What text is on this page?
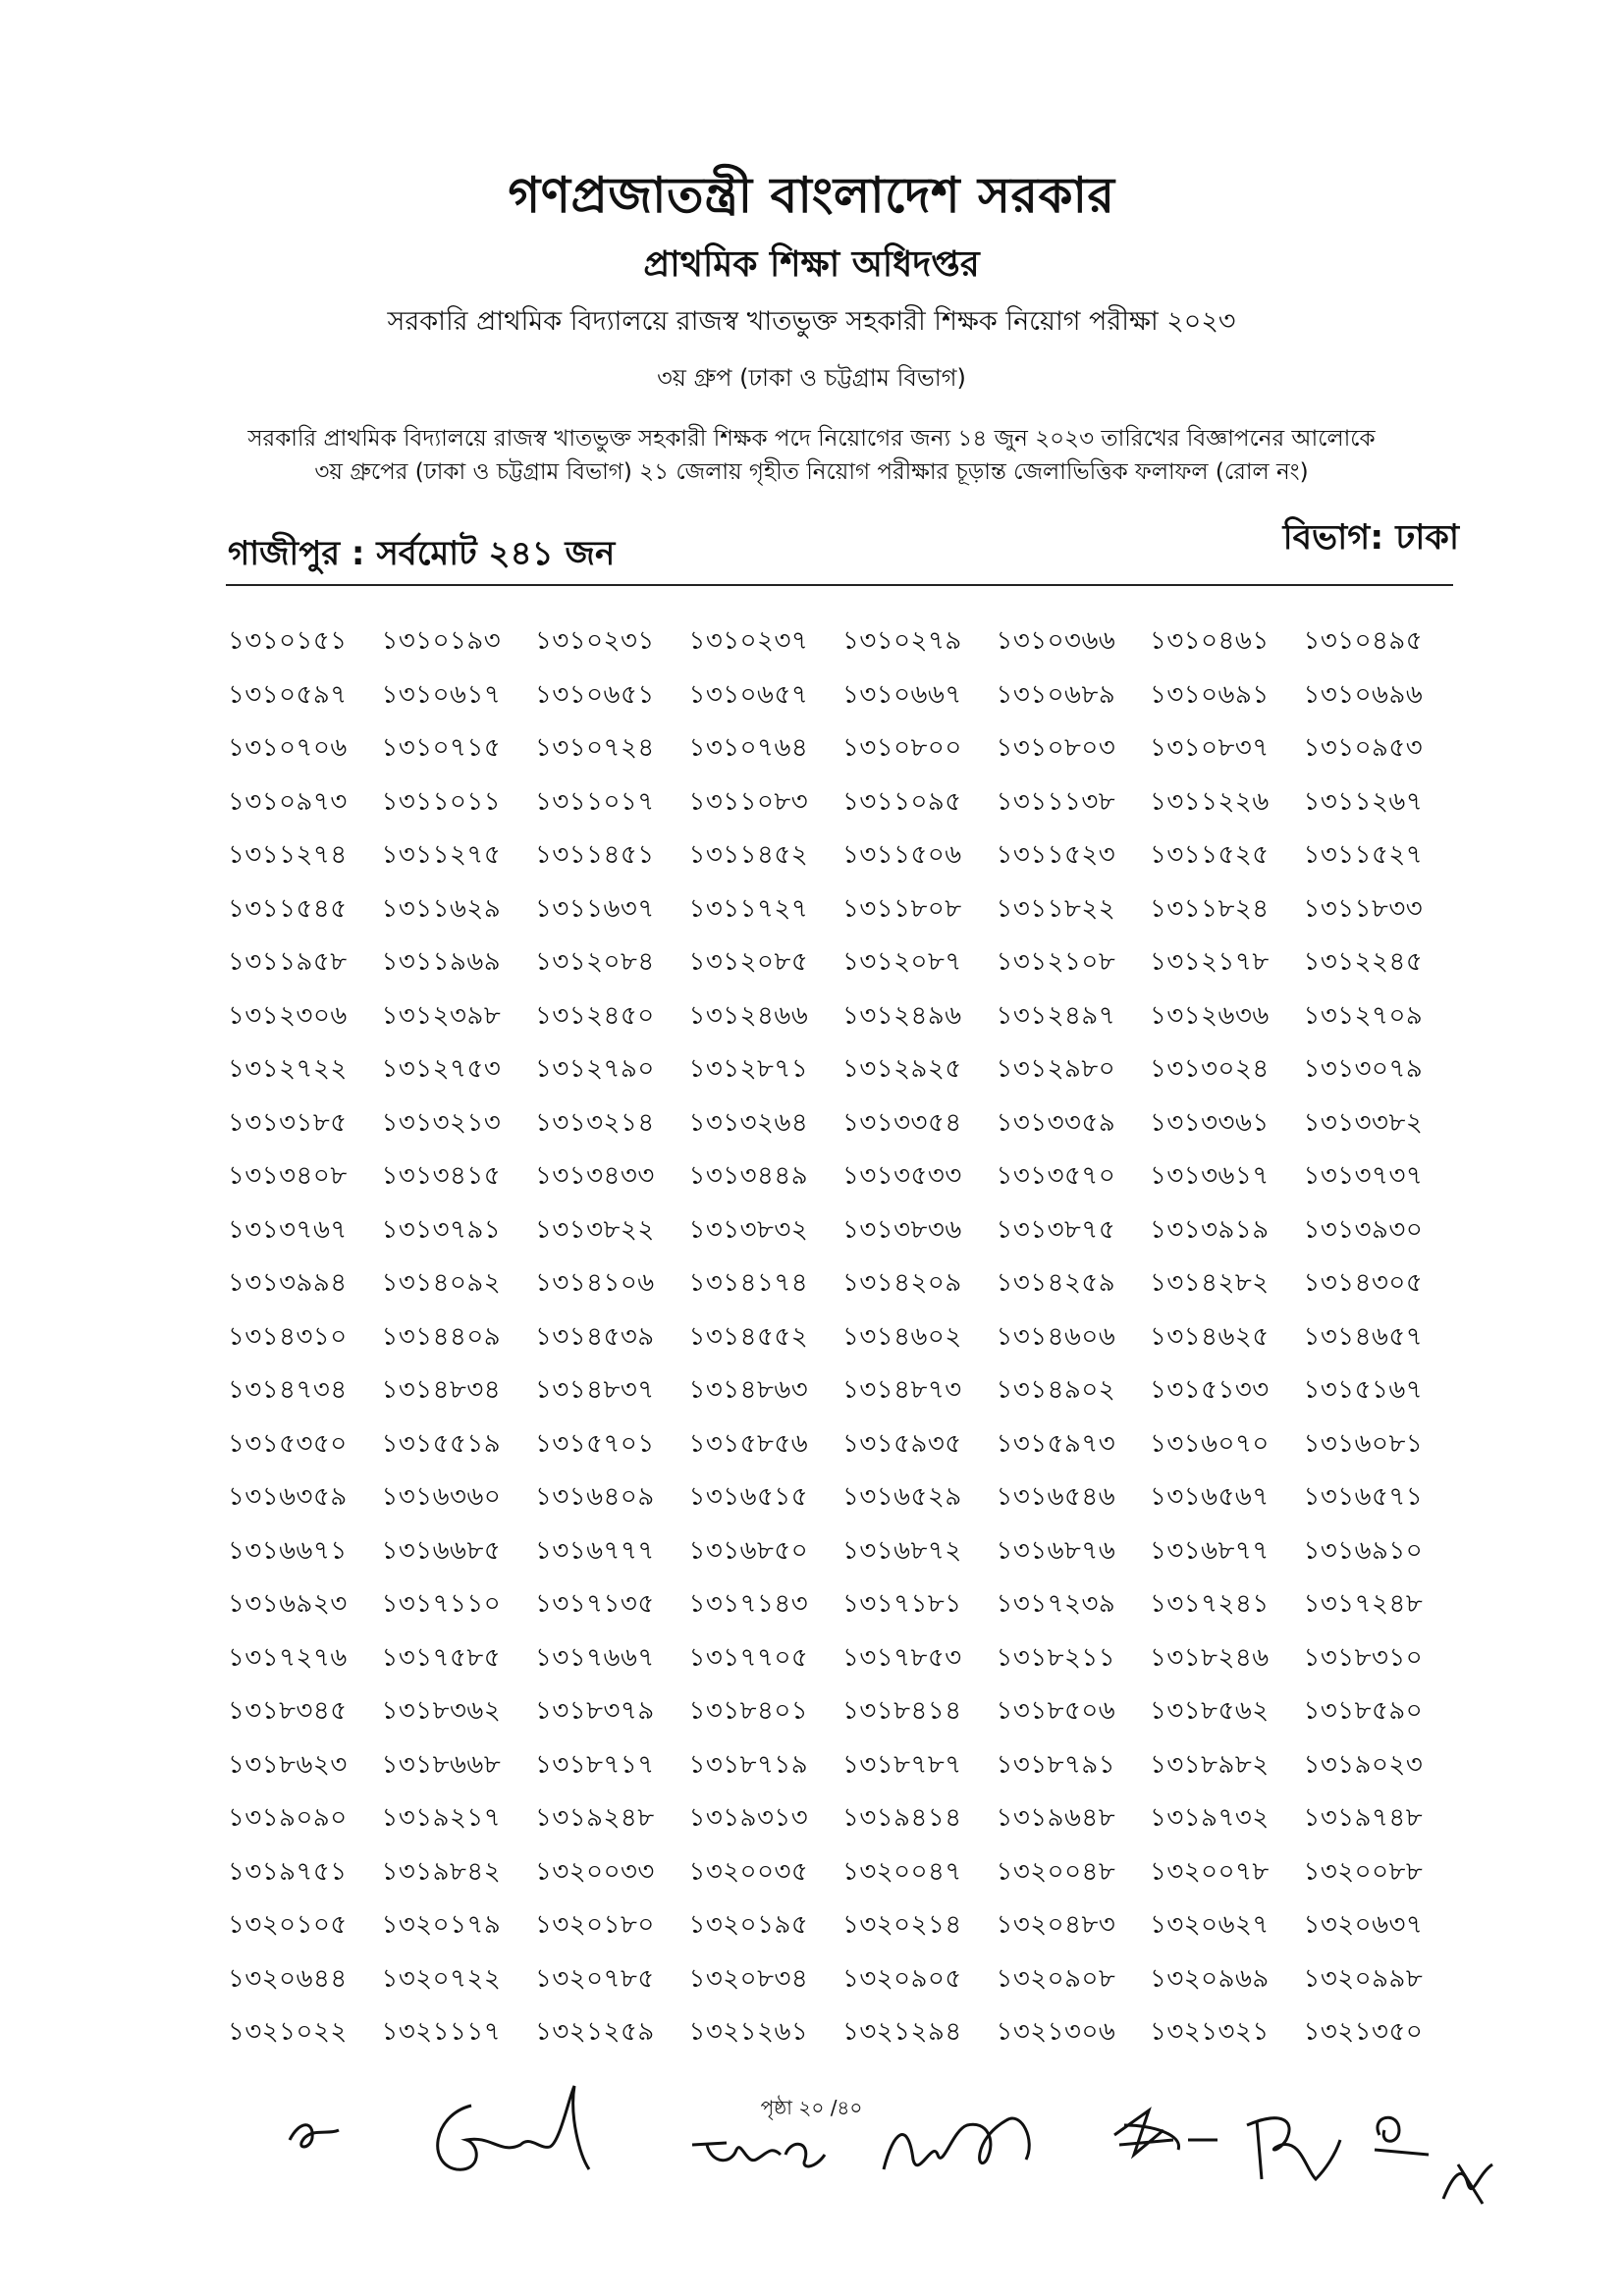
গণপ্রজাতন্ত্রী বাংলাদেশ সরকার
প্রাথমিক শিক্ষা অধিদপ্তর
সরকারি প্রাথমিক বিদ্যালয়ে রাজস্ব খাতভুক্ত সহকারী শিক্ষক নিয়োগ পরীক্ষা ২০২৩
৩য় গ্রুপ (ঢাকা ও চট্টগ্রাম বিভাগ)
সরকারি প্রাথমিক বিদ্যালয়ে রাজস্ব খাতভুক্ত সহকারী শিক্ষক পদে নিয়োগের জন্য ১৪ জুন ২০২৩ তারিখের বিজ্ঞাপনের আলোকে
৩য় গ্রুপের (ঢাকা ও চট্টগ্রাম বিভাগ) ২১ জেলায় গৃহীত নিয়োগ পরীক্ষার চূড়ান্ত জেলাভিত্তিক ফলাফল (রোল নং)
গাজীপুর : সর্বমোট ২৪১ জন	বিভাগ: ঢাকা
১৩১০১৫১	১৩১০১৯৩	১৩১০২৩১	১৩১০২৩৭	১৩১০২৭৯	১৩১০৩৬৬	১৩১০৪৬১	১৩১০৪৯৫
১৩১০৫৯৭	১৩১০৬১৭	১৩১০৬৫১	১৩১০৬৫৭	১৩১০৬৬৭	১৩১০৬৮৯	১৩১০৬৯১	১৩১০৬৯৬
১৩১০৭০৬	১৩১০৭১৫	১৩১০৭২৪	১৩১০৭৬৪	১৩১০৮০০	১৩১০৮০৩	১৩১০৮৩৭	১৩১০৯৫৩
১৩১০৯৭৩	১৩১১০১১	১৩১১০১৭	১৩১১০৮৩	১৩১১০৯৫	১৩১১১৩৮	১৩১১২২৬	১৩১১২৬৭
১৩১১২৭৪	১৩১১২৭৫	১৩১১৪৫১	১৩১১৪৫২	১৩১১৫০৬	১৩১১৫২৩	১৩১১৫২৫	১৩১১৫২৭
১৩১১৫৪৫	১৩১১৬২৯	১৩১১৬৩৭	১৩১১৭২৭	১৩১১৮০৮	১৩১১৮২২	১৩১১৮২৪	১৩১১৮৩৩
১৩১১৯৫৮	১৩১১৯৬৯	১৩১২০৮৪	১৩১২০৮৫	১৩১২০৮৭	১৩১২১০৮	১৩১২১৭৮	১৩১২২৪৫
১৩১২৩০৬	১৩১২৩৯৮	১৩১২৪৫০	১৩১২৪৬৬	১৩১২৪৯৬	১৩১২৪৯৭	১৩১২৬৩৬	১৩১২৭০৯
১৩১২৭২২	১৩১২৭৫৩	১৩১২৭৯০	১৩১২৮৭১	১৩১২৯২৫	১৩১২৯৮০	১৩১৩০২৪	১৩১৩০৭৯
১৩১৩১৮৫	১৩১৩২১৩	১৩১৩২১৪	১৩১৩২৬৪	১৩১৩৩৫৪	১৩১৩৩৫৯	১৩১৩৩৬১	১৩১৩৩৮২
১৩১৩৪০৮	১৩১৩৪১৫	১৩১৩৪৩৩	১৩১৩৪৪৯	১৩১৩৫৩৩	১৩১৩৫৭০	১৩১৩৬১৭	১৩১৩৭৩৭
১৩১৩৭৬৭	১৩১৩৭৯১	১৩১৩৮২২	১৩১৩৮৩২	১৩১৩৮৩৬	১৩১৩৮৭৫	১৩১৩৯১৯	১৩১৩৯৩০
১৩১৩৯৯৪	১৩১৪০৯২	১৩১৪১০৬	১৩১৪১৭৪	১৩১৪২০৯	১৩১৪২৫৯	১৩১৪২৮২	১৩১৪৩০৫
১৩১৪৩১০	১৩১৪৪০৯	১৩১৪৫৩৯	১৩১৪৫৫২	১৩১৪৬০২	১৩১৪৬০৬	১৩১৪৬২৫	১৩১৪৬৫৭
১৩১৪৭৩৪	১৩১৪৮৩৪	১৩১৪৮৩৭	১৩১৪৮৬৩	১৩১৪৮৭৩	১৩১৪৯০২	১৩১৫১৩৩	১৩১৫১৬৭
১৩১৫৩৫০	১৩১৫৫১৯	১৩১৫৭০১	১৩১৫৮৫৬	১৩১৫৯৩৫	১৩১৫৯৭৩	১৩১৬০৭০	১৩১৬০৮১
১৩১৬৩৫৯	১৩১৬৩৬০	১৩১৬৪০৯	১৩১৬৫১৫	১৩১৬৫২৯	১৩১৬৫৪৬	১৩১৬৫৬৭	১৩১৬৫৭১
১৩১৬৬৭১	১৩১৬৬৮৫	১৩১৬৭৭৭	১৩১৬৮৫০	১৩১৬৮৭২	১৩১৬৮৭৬	১৩১৬৮৭৭	১৩১৬৯১০
১৩১৬৯২৩	১৩১৭১১০	১৩১৭১৩৫	১৩১৭১৪৩	১৩১৭১৮১	১৩১৭২৩৯	১৩১৭২৪১	১৩১৭২৪৮
১৩১৭২৭৬	১৩১৭৫৮৫	১৩১৭৬৬৭	১৩১৭৭০৫	১৩১৭৮৫৩	১৩১৮২১১	১৩১৮২৪৬	১৩১৮৩১০
১৩১৮৩৪৫	১৩১৮৩৬২	১৩১৮৩৭৯	১৩১৮৪০১	১৩১৮৪১৪	১৩১৮৫০৬	১৩১৮৫৬২	১৩১৮৫৯০
১৩১৮৬২৩	১৩১৮৬৬৮	১৩১৮৭১৭	১৩১৮৭১৯	১৩১৮৭৮৭	১৩১৮৭৯১	১৩১৮৯৮২	১৩১৯০২৩
১৩১৯০৯০	১৩১৯২১৭	১৩১৯২৪৮	১৩১৯৩১৩	১৩১৯৪১৪	১৩১৯৬৪৮	১৩১৯৭৩২	১৩১৯৭৪৮
১৩১৯৭৫১	১৩১৯৮৪২	১৩২০০৩৩	১৩২০০৩৫	১৩২০০৪৭	১৩২০০৪৮	১৩২০০৭৮	১৩২০০৮৮
১৩২০১০৫	১৩২০১৭৯	১৩২০১৮০	১৩২০১৯৫	১৩২০২১৪	১৩২০৪৮৩	১৩২০৬২৭	১৩২০৬৩৭
১৩২০৬৪৪	১৩২০৭২২	১৩২০৭৮৫	১৩২০৮৩৪	১৩২০৯০৫	১৩২০৯০৮	১৩২০৯৬৯	১৩২০৯৯৮
১৩২১০২২	১৩২১১১৭	১৩২১২৫৯	১৩২১২৬১	১৩২১২৯৪	১৩২১৩০৬	১৩২১৩২১	১৩২১৩৫০
পৃষ্ঠা ২০ /৪০
